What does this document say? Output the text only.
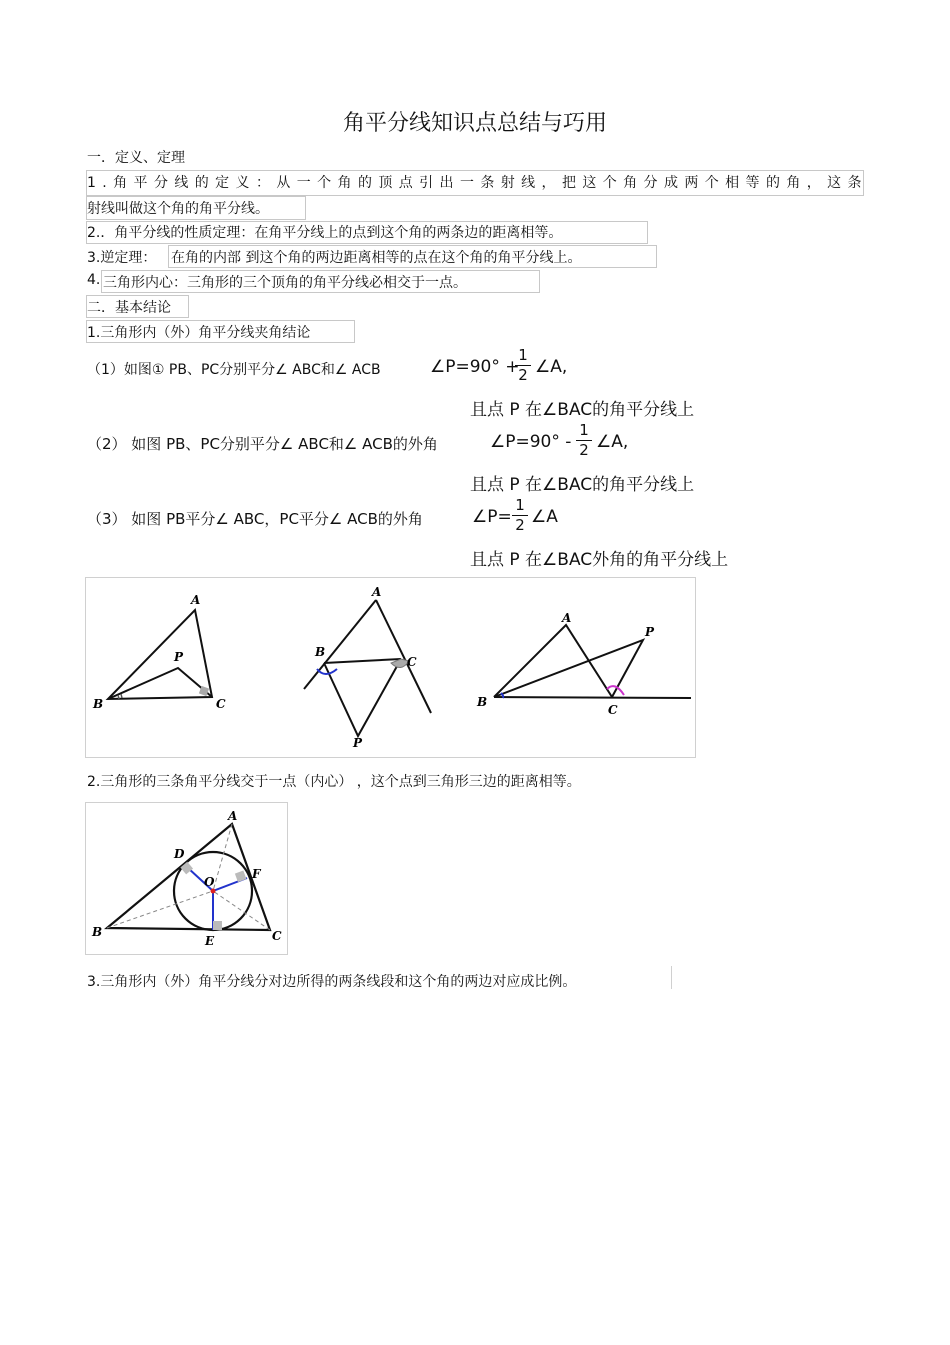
角平分线知识点总结与巧用
一．定义、定理
1.角平分线的定义：从一个角的顶点引出一条射线，把这个角分成两个相等的角，这条
射线叫做这个角的角平分线。
2.．角平分线的性质定理：在角平分线上的点到这个角的两条边的距离相等。
3.逆定理： 在角的内部 到这个角的两边距离相等的点在这个角的角平分线上。
4. 三角形内心：三角形的三个顶角的角平分线必相交于一点。
二．基本结论
1.三角形内（外）角平分线夹角结论
（1）如图① PB、PC分别平分∠ ABC和∠ ACB	∠P=90° +
1
2 ∠A,
且点 P 在∠BAC的角平分线上
（2） 如图 PB、PC分别平分∠ ABC和∠ ACB的外角	∠P=90° -
1
2 ∠A,
且点 P 在∠BAC的角平分线上
（3） 如图 PB平分∠ ABC，PC平分∠ ACB的外角	∠P=
1
2 ∠A
且点 P 在∠BAC外角的角平分线上
A
B	C
P
A
B
C
P
A
B
C
P
2.三角形的三条角平分线交于一点（内心） ，这个点到三角形三边的距离相等。
A
B	C
D
E
F
O
3.三角形内（外）角平分线分对边所得的两条线段和这个角的两边对应成比例。
